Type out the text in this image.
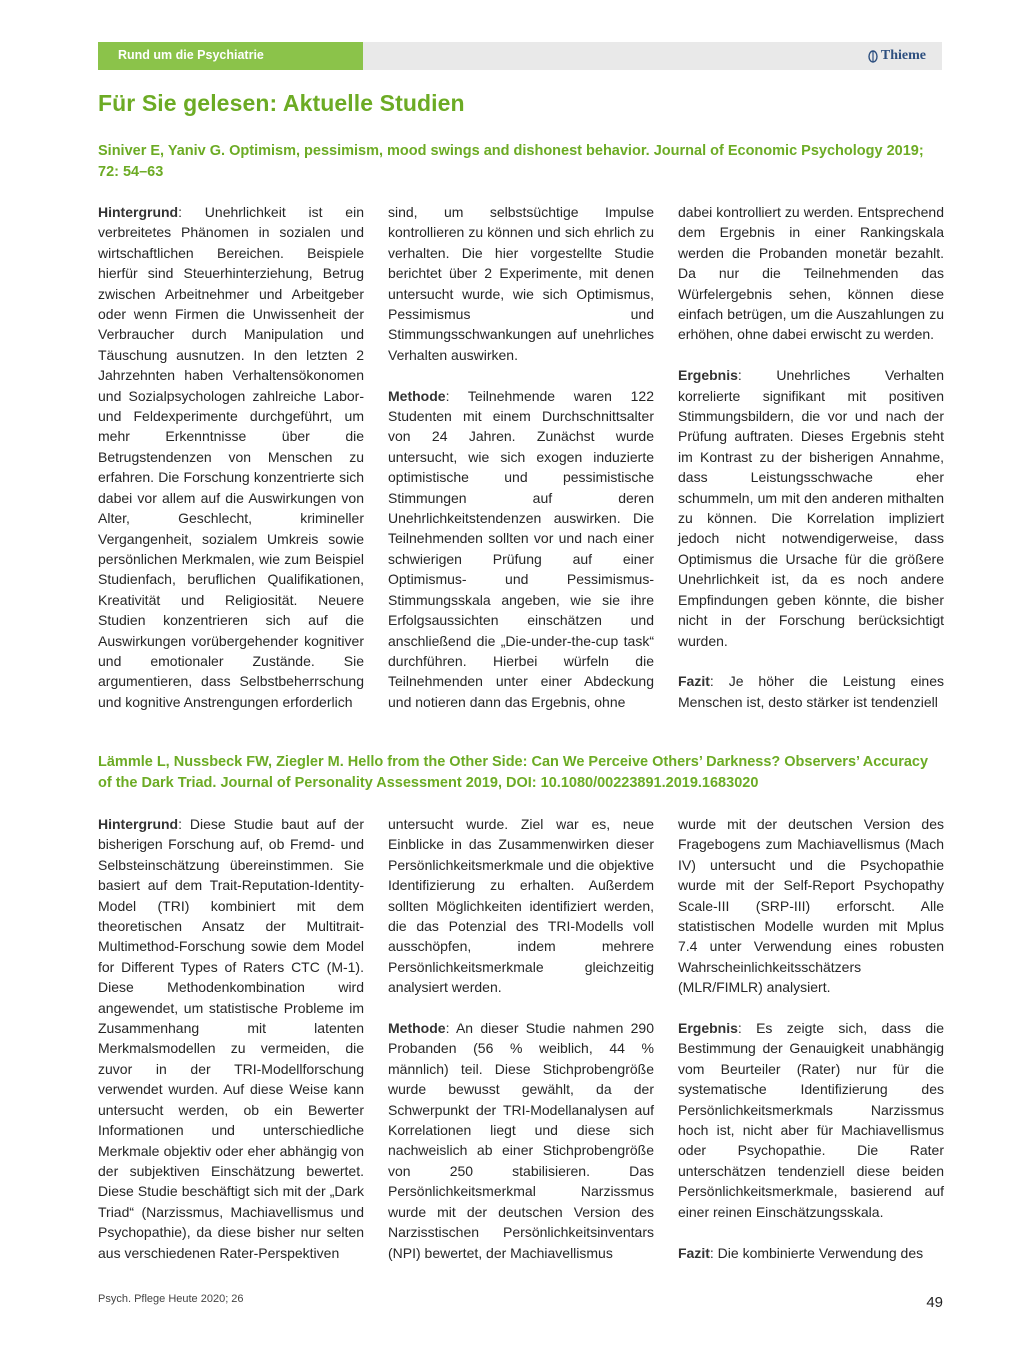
Rund um die Psychiatrie	Thieme
Für Sie gelesen: Aktuelle Studien
Siniver E, Yaniv G. Optimism, pessimism, mood swings and dishonest behavior. Journal of Economic Psychology 2019; 72: 54–63

Hintergrund: Unehrlichkeit ist ein verbreitetes Phänomen in sozialen und wirtschaftlichen Bereichen. Beispiele hierfür sind Steuerhinterziehung, Betrug zwischen Arbeitnehmer und Arbeitgeber oder wenn Firmen die Unwissenheit der Verbraucher durch Manipulation und Täuschung ausnutzen. In den letzten 2 Jahrzehnten haben Verhaltensökonomen und Sozialpsychologen zahlreiche Labor- und Feldexperimente durchgeführt, um mehr Erkenntnisse über die Betrugstendenzen von Menschen zu erfahren. Die Forschung konzentrierte sich dabei vor allem auf die Auswirkungen von Alter, Geschlecht, krimineller Vergangenheit, sozialem Umkreis sowie persönlichen Merkmalen, wie zum Beispiel Studienfach, beruflichen Qualifikationen, Kreativität und Religiosität. Neuere Studien konzentrieren sich auf die Auswirkungen vorübergehender kognitiver und emotionaler Zustände. Sie argumentieren, dass Selbstbeherrschung und kognitive Anstrengungen erforderlich

sind, um selbstsüchtige Impulse kontrollieren zu können und sich ehrlich zu verhalten. Die hier vorgestellte Studie berichtet über 2 Experimente, mit denen untersucht wurde, wie sich Optimismus, Pessimismus und Stimmungsschwankungen auf unehrliches Verhalten auswirken.

Methode: Teilnehmende waren 122 Studenten mit einem Durchschnittsalter von 24 Jahren. Zunächst wurde untersucht, wie sich exogen induzierte optimistische und pessimistische Stimmungen auf deren Unehrlichkeitstendenzen auswirken. Die Teilnehmenden sollten vor und nach einer schwierigen Prüfung auf einer Optimismus- und Pessimismus-Stimmungsskala angeben, wie sie ihre Erfolgsaussichten einschätzen und anschließend die „Die-under-the-cup task“ durchführen. Hierbei würfeln die Teilnehmenden unter einer Abdeckung und notieren dann das Ergebnis, ohne

dabei kontrolliert zu werden. Entsprechend dem Ergebnis in einer Rankingskala werden die Probanden monetär bezahlt. Da nur die Teilnehmenden das Würfelergebnis sehen, können diese einfach betrügen, um die Auszahlungen zu erhöhen, ohne dabei erwischt zu werden.

Ergebnis: Unehrliches Verhalten korrelierte signifikant mit positiven Stimmungsbildern, die vor und nach der Prüfung auftraten. Dieses Ergebnis steht im Kontrast zu der bisherigen Annahme, dass Leistungsschwache eher schummeln, um mit den anderen mithalten zu können. Die Korrelation impliziert jedoch nicht notwendigerweise, dass Optimismus die Ursache für die größere Unehrlichkeit ist, da es noch andere Empfindungen geben könnte, die bisher nicht in der Forschung berücksichtigt wurden.

Fazit: Je höher die Leistung eines Menschen ist, desto stärker ist tendenziell

Lämmle L, Nussbeck FW, Ziegler M. Hello from the Other Side: Can We Perceive Others’ Darkness? Observers’ Accuracy of the Dark Triad. Journal of Personality Assessment 2019, DOI: 10.1080/00223891.2019.1683020

Hintergrund: Diese Studie baut auf der bisherigen Forschung auf, ob Fremd- und Selbsteinschätzung übereinstimmen. Sie basiert auf dem Trait-Reputation-Identity-Model (TRI) kombiniert mit dem theoretischen Ansatz der Multitrait-Multimethod-Forschung sowie dem Model for Different Types of Raters CTC (M-1). Diese Methodenkombination wird angewendet, um statistische Probleme im Zusammenhang mit latenten Merkmalsmodellen zu vermeiden, die zuvor in der TRI-Modellforschung verwendet wurden. Auf diese Weise kann untersucht werden, ob ein Bewerter Informationen und unterschiedliche Merkmale objektiv oder eher abhängig von der subjektiven Einschätzung bewertet. Diese Studie beschäftigt sich mit der „Dark Triad“ (Narzissmus, Machiavellismus und Psychopathie), da diese bisher nur selten aus verschiedenen Rater-Perspektiven

untersucht wurde. Ziel war es, neue Einblicke in das Zusammenwirken dieser Persönlichkeitsmerkmale und die objektive Identifizierung zu erhalten. Außerdem sollten Möglichkeiten identifiziert werden, die das Potenzial des TRI-Modells voll ausschöpfen, indem mehrere Persönlichkeitsmerkmale gleichzeitig analysiert werden.

Methode: An dieser Studie nahmen 290 Probanden (56 % weiblich, 44 % männlich) teil. Diese Stichprobengröße wurde bewusst gewählt, da der Schwerpunkt der TRI-Modellanalysen auf Korrelationen liegt und diese sich nachweislich ab einer Stichprobengröße von 250 stabilisieren. Das Persönlichkeitsmerkmal Narzissmus wurde mit der deutschen Version des Narzisstischen Persönlichkeitsinventars (NPI) bewertet, der Machiavellismus

wurde mit der deutschen Version des Fragebogens zum Machiavellismus (Mach IV) untersucht und die Psychopathie wurde mit der Self-Report Psychopathy Scale-III (SRP-III) erforscht. Alle statistischen Modelle wurden mit Mplus 7.4 unter Verwendung eines robusten Wahrscheinlichkeitsschätzers (MLR/FIMLR) analysiert.

Ergebnis: Es zeigte sich, dass die Bestimmung der Genauigkeit unabhängig vom Beurteiler (Rater) nur für die systematische Identifizierung des Persönlichkeitsmerkmals Narzissmus hoch ist, nicht aber für Machiavellismus oder Psychopathie. Die Rater unterschätzen tendenziell diese beiden Persönlichkeitsmerkmale, basierend auf einer reinen Einschätzungsskala.

Fazit: Die kombinierte Verwendung des

Psych. Pflege Heute 2020; 26	49
